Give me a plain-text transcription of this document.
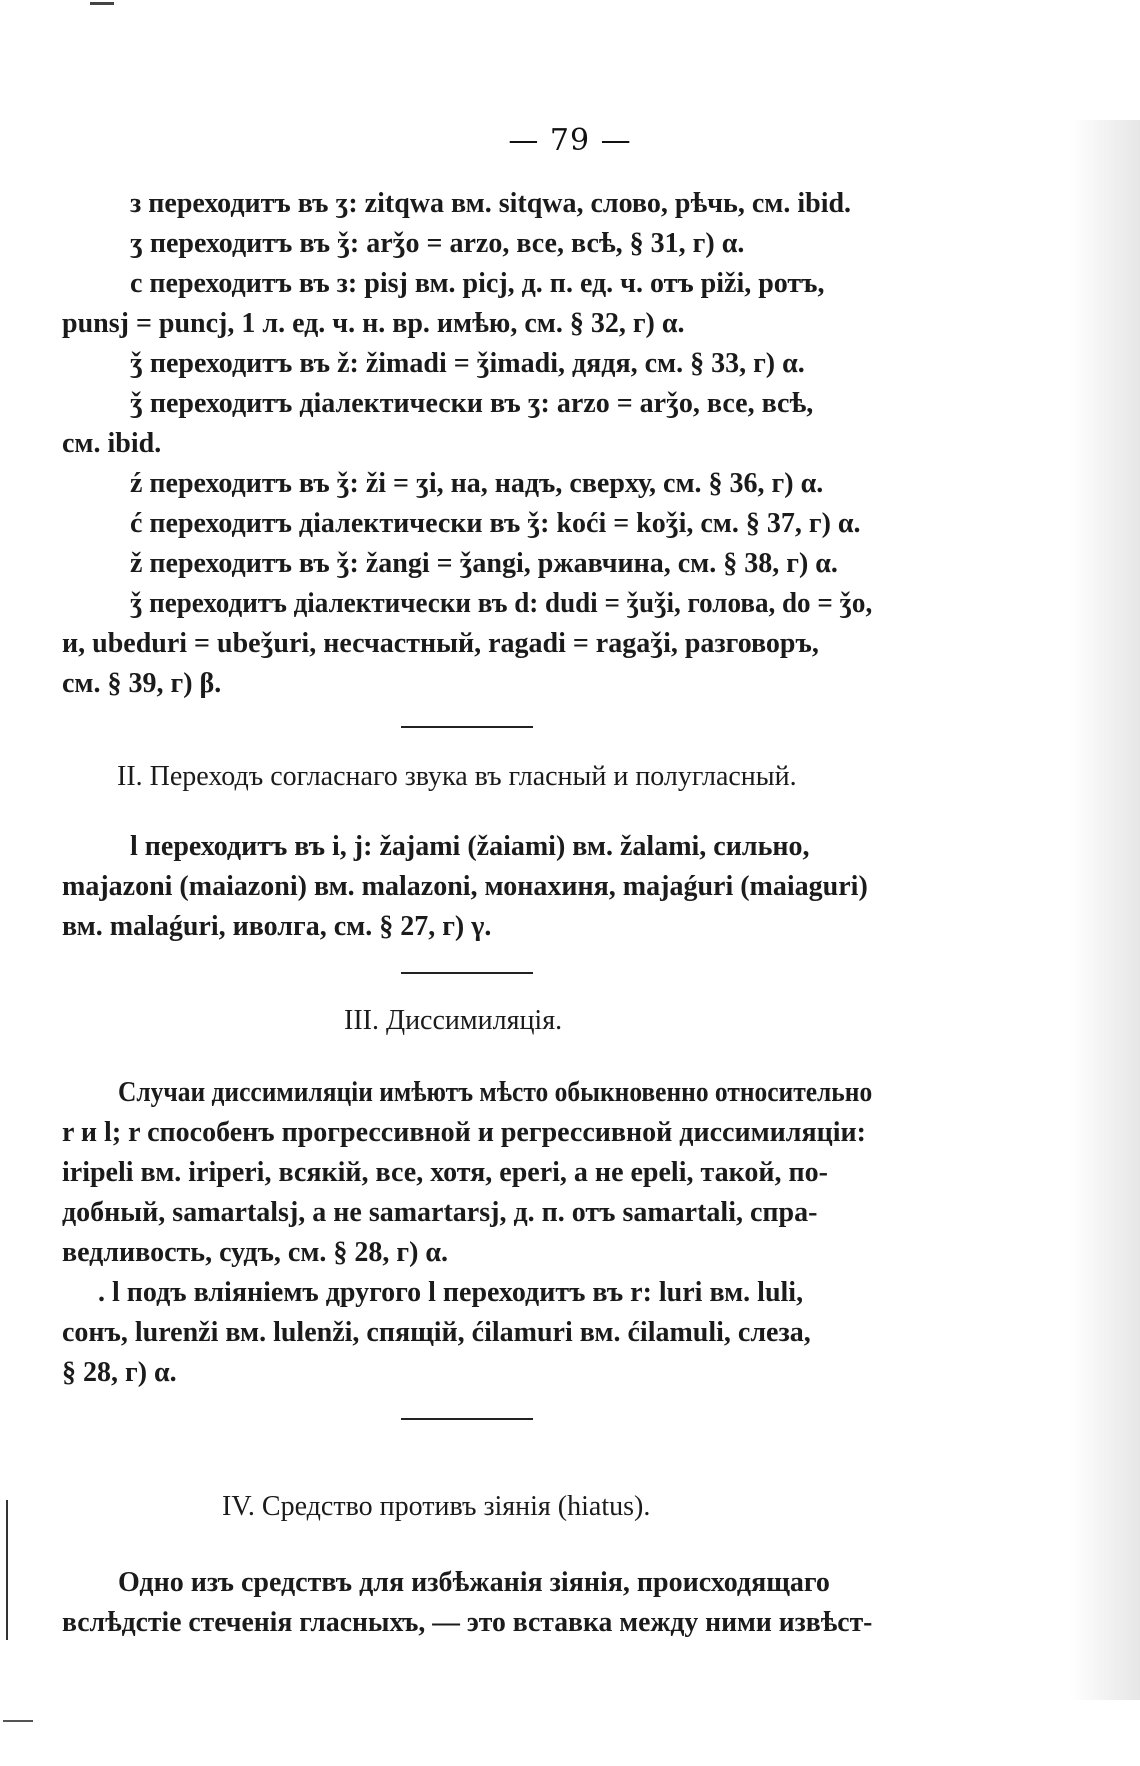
— 79 —
з переходитъ въ ʒ: zitqwa вм. sitqwa, слово, рѣчь, см. ibid.
ʒ переходитъ въ ǯ: arǯo = arzo, все, всѣ, § 31, г) α.
c переходитъ въ з: pisj вм. picj, д. п. ед. ч. отъ piži, ротъ,
punsj = puncj, 1 л. ед. ч. н. вр. имѣю, см. § 32, г) α.
ǯ переходитъ въ ž: žimadi = ǯimadi, дядя, см. § 33, г) α.
ǯ переходитъ діалектически въ ʒ: arzo = arǯo, все, всѣ,
см. ibid.
ź переходитъ въ ǯ: ži = ʒi, на, надъ, сверху, см. § 36, г) α.
ć переходитъ діалектически въ ǯ: koći = koǯi, см. § 37, г) α.
ž переходитъ въ ǯ: žangi = ǯangi, ржавчина, см. § 38, г) α.
ǯ переходитъ діалектически въ d: dudi = ǯuǯi, голова, do = ǯo,
и, ubeduri = ubeǯuri, несчастный, ragadi = ragaǯi, разговоръ,
см. § 39, г) β.
II. Переходъ согласнаго звука въ гласный и полугласный.
l переходитъ въ i, j: žajami (žaiami) вм. žalami, сильно,
majazoni (maiazoni) вм. malazoni, монахиня, majaǵuri (maiaguri)
вм. malaǵuri, иволга, см. § 27, г) γ.
III. Диссимиляція.
Случаи диссимиляціи имѣютъ мѣсто обыкновенно относительно
r и l; r способенъ прогрессивной и регрессивной диссимиляціи:
iripeli вм. iriperi, всякій, все, хотя, eperi, а не epeli, такой, по-
добный, samartalsj, а не samartarsj, д. п. отъ samartali, спра-
ведливость, судъ, см. § 28, г) α.
. l подъ вліяніемъ другого l переходитъ въ r: luri вм. luli,
сонъ, lurenži вм. lulenži, спящій, ćilamuri вм. ćilamuli, слеза,
§ 28, г) α.
IV. Средство противъ зіянія (hiatus).
Одно изъ средствъ для избѣжанія зіянія, происходящаго
вслѣдстіе стеченія гласныхъ, — это вставка между ними извѣст-
